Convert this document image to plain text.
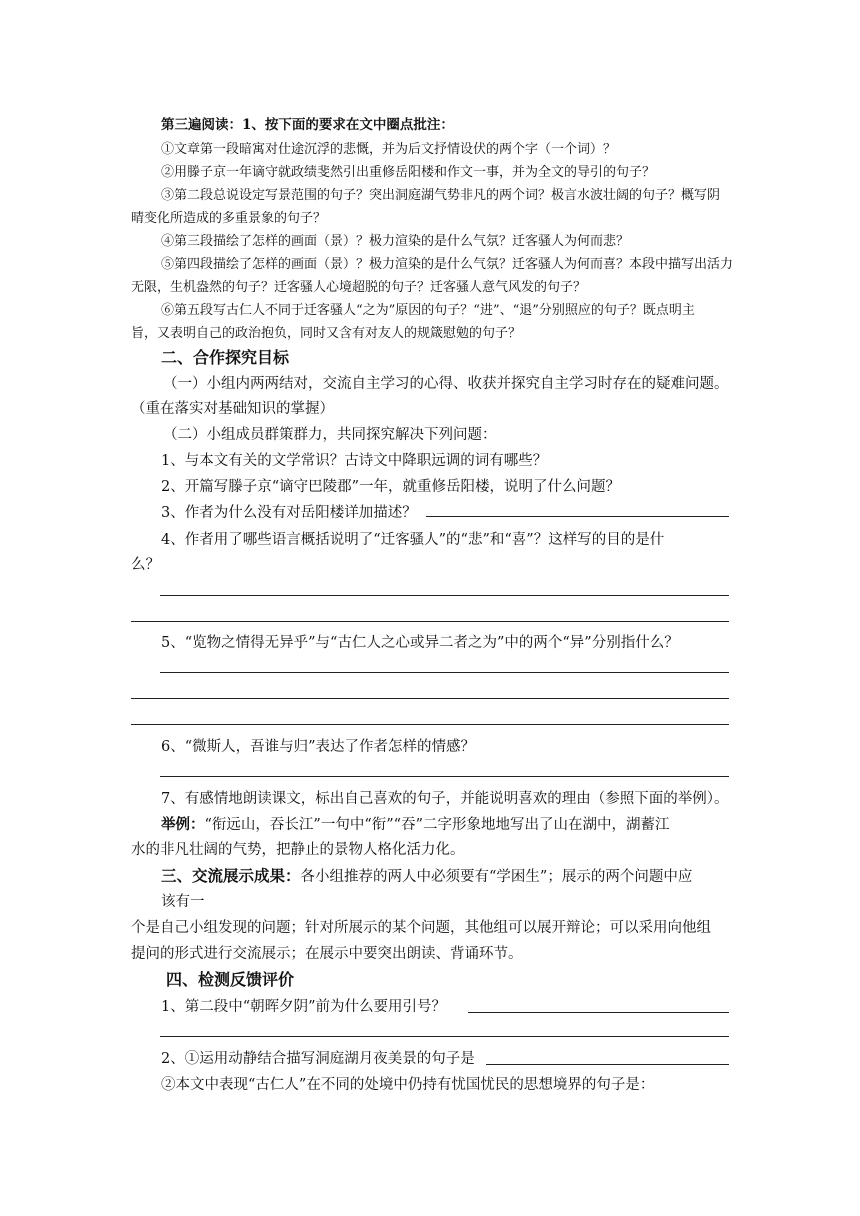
第三遍阅读：1、按下面的要求在文中圈点批注：
①文章第一段暗寓对仕途沉浮的悲慨，并为后文抒情设伏的两个字（一个词）？
②用滕子京一年谪守就政绩斐然引出重修岳阳楼和作文一事，并为全文的导引的句子？
③第二段总说设定写景范围的句子？突出洞庭湖气势非凡的两个词？极言水波壮阔的句子？概写阴
晴变化所造成的多重景象的句子？
④第三段描绘了怎样的画面（景）？极力渲染的是什么气氛？迁客骚人为何而悲？
⑤第四段描绘了怎样的画面（景）？极力渲染的是什么气氛？迁客骚人为何而喜？本段中描写出活力
无限，生机盎然的句子？迁客骚人心境超脱的句子？迁客骚人意气风发的句子？
⑥第五段写古仁人不同于迁客骚人“之为”原因的句子？“进”、“退”分别照应的句子？既点明主
旨，又表明自己的政治抱负，同时又含有对友人的规箴慰勉的句子？
二、合作探究目标
（一）小组内两两结对，交流自主学习的心得、收获并探究自主学习时存在的疑难问题。
（重在落实对基础知识的掌握）
（二）小组成员群策群力，共同探究解决下列问题：
1、与本文有关的文学常识？古诗文中降职远调的词有哪些？
2、开篇写滕子京“谪守巴陵郡”一年，就重修岳阳楼，说明了什么问题？
3、作者为什么没有对岳阳楼详加描述？
4、作者用了哪些语言概括说明了“迁客骚人”的“悲”和“喜”？这样写的目的是什
么？
5、“览物之情得无异乎”与“古仁人之心或异二者之为”中的两个“异”分别指什么？
6、“微斯人，吾谁与归”表达了作者怎样的情感？
7、有感情地朗读课文，标出自己喜欢的句子，并能说明喜欢的理由（参照下面的举例）。
举例：“衔远山，吞长江”一句中“衔”“吞”二字形象地地写出了山在湖中，湖蓄江
水的非凡壮阔的气势，把静止的景物人格化活力化。
三、交流展示成果：各小组推荐的两人中必须要有“学困生”；展示的两个问题中应
该有一
个是自己小组发现的问题；针对所展示的某个问题，其他组可以展开辩论；可以采用向他组
提问的形式进行交流展示；在展示中要突出朗读、背诵环节。
四、检测反馈评价
1、第二段中“朝晖夕阴”前为什么要用引号？
2、①运用动静结合描写洞庭湖月夜美景的句子是
②本文中表现“古仁人”在不同的处境中仍持有忧国忧民的思想境界的句子是：
